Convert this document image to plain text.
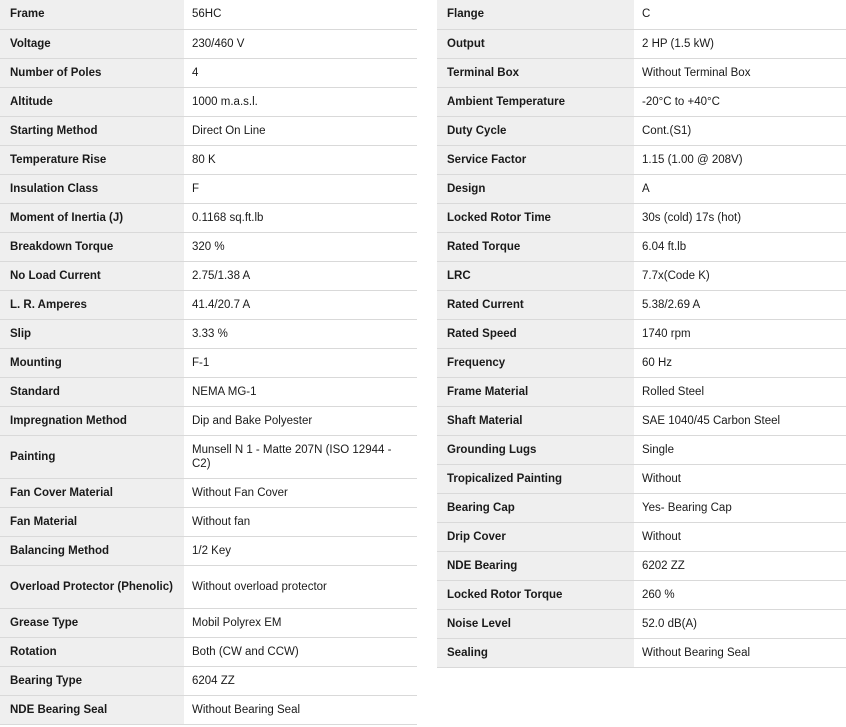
Frame	56HC
Voltage	230/460 V
Number of Poles	4
Altitude	1000 m.a.s.l.
Starting Method	Direct On Line
Temperature Rise	80 K
Insulation Class	F
Moment of Inertia (J)	0.1168 sq.ft.lb
Breakdown Torque	320 %
No Load Current	2.75/1.38 A
L. R. Amperes	41.4/20.7 A
Slip	3.33 %
Mounting	F-1
Standard	NEMA MG-1
Impregnation Method	Dip and Bake Polyester
Painting	Munsell N 1 - Matte 207N (ISO 12944 - C2)
Fan Cover Material	Without Fan Cover
Fan Material	Without fan
Balancing Method	1/2 Key
Overload Protector (Phenolic)	Without overload protector
Grease Type	Mobil Polyrex EM
Rotation	Both (CW and CCW)
Bearing Type	6204 ZZ
NDE Bearing Seal	Without Bearing Seal
Flange	C
Output	2 HP (1.5 kW)
Terminal Box	Without Terminal Box
Ambient Temperature	-20°C to +40°C
Duty Cycle	Cont.(S1)
Service Factor	1.15 (1.00 @ 208V)
Design	A
Locked Rotor Time	30s (cold) 17s (hot)
Rated Torque	6.04 ft.lb
LRC	7.7x(Code K)
Rated Current	5.38/2.69 A
Rated Speed	1740 rpm
Frequency	60 Hz
Frame Material	Rolled Steel
Shaft Material	SAE 1040/45 Carbon Steel
Grounding Lugs	Single
Tropicalized Painting	Without
Bearing Cap	Yes- Bearing Cap
Drip Cover	Without
NDE Bearing	6202 ZZ
Locked Rotor Torque	260 %
Noise Level	52.0 dB(A)
Sealing	Without Bearing Seal
